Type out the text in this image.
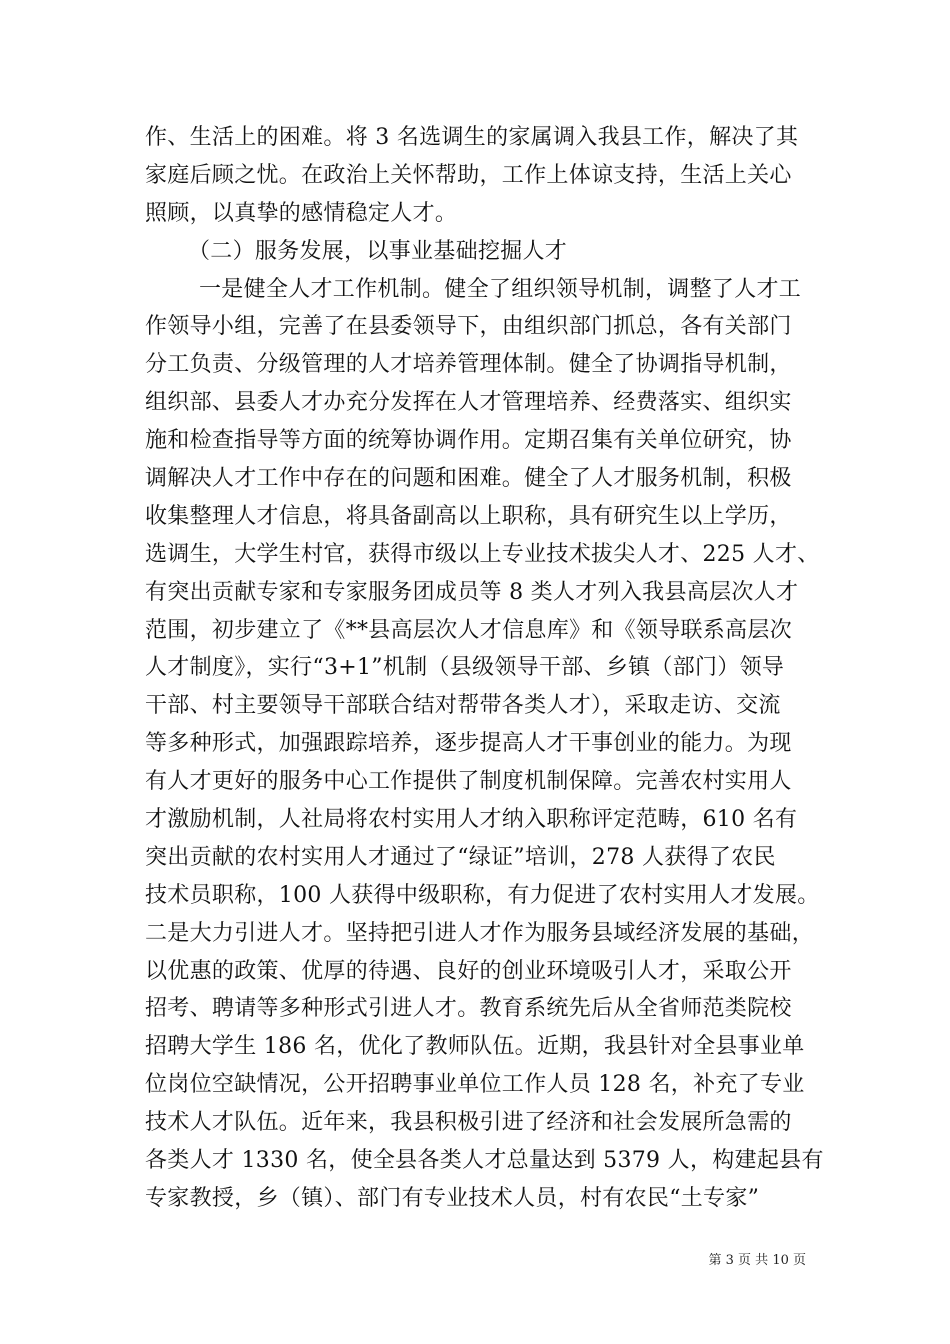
作、生活上的困难。将 3 名选调生的家属调入我县工作，解决了其
家庭后顾之忧。在政治上关怀帮助，工作上体谅支持，生活上关心
照顾，以真挚的感情稳定人才。
（二）服务发展，以事业基础挖掘人才
一是健全人才工作机制。健全了组织领导机制，调整了人才工
作领导小组，完善了在县委领导下，由组织部门抓总，各有关部门
分工负责、分级管理的人才培养管理体制。健全了协调指导机制，
组织部、县委人才办充分发挥在人才管理培养、经费落实、组织实
施和检查指导等方面的统筹协调作用。定期召集有关单位研究，协
调解决人才工作中存在的问题和困难。健全了人才服务机制，积极
收集整理人才信息，将具备副高以上职称，具有研究生以上学历，
选调生，大学生村官，获得市级以上专业技术拔尖人才、225 人才、
有突出贡献专家和专家服务团成员等 8 类人才列入我县高层次人才
范围，初步建立了《**县高层次人才信息库》和《领导联系高层次
人才制度》，实行“3+1”机制（县级领导干部、乡镇（部门）领导
干部、村主要领导干部联合结对帮带各类人才），采取走访、交流
等多种形式，加强跟踪培养，逐步提高人才干事创业的能力。为现
有人才更好的服务中心工作提供了制度机制保障。完善农村实用人
才激励机制，人社局将农村实用人才纳入职称评定范畴，610 名有
突出贡献的农村实用人才通过了“绿证”培训，278 人获得了农民
技术员职称，100 人获得中级职称，有力促进了农村实用人才发展。
二是大力引进人才。坚持把引进人才作为服务县域经济发展的基础，
以优惠的政策、优厚的待遇、良好的创业环境吸引人才，采取公开
招考、聘请等多种形式引进人才。教育系统先后从全省师范类院校
招聘大学生 186 名，优化了教师队伍。近期，我县针对全县事业单
位岗位空缺情况，公开招聘事业单位工作人员 128 名，补充了专业
技术人才队伍。近年来，我县积极引进了经济和社会发展所急需的
各类人才 1330 名，使全县各类人才总量达到 5379 人，构建起县有
专家教授，乡（镇）、部门有专业技术人员，村有农民“土专家”
第 3 页 共 10 页
